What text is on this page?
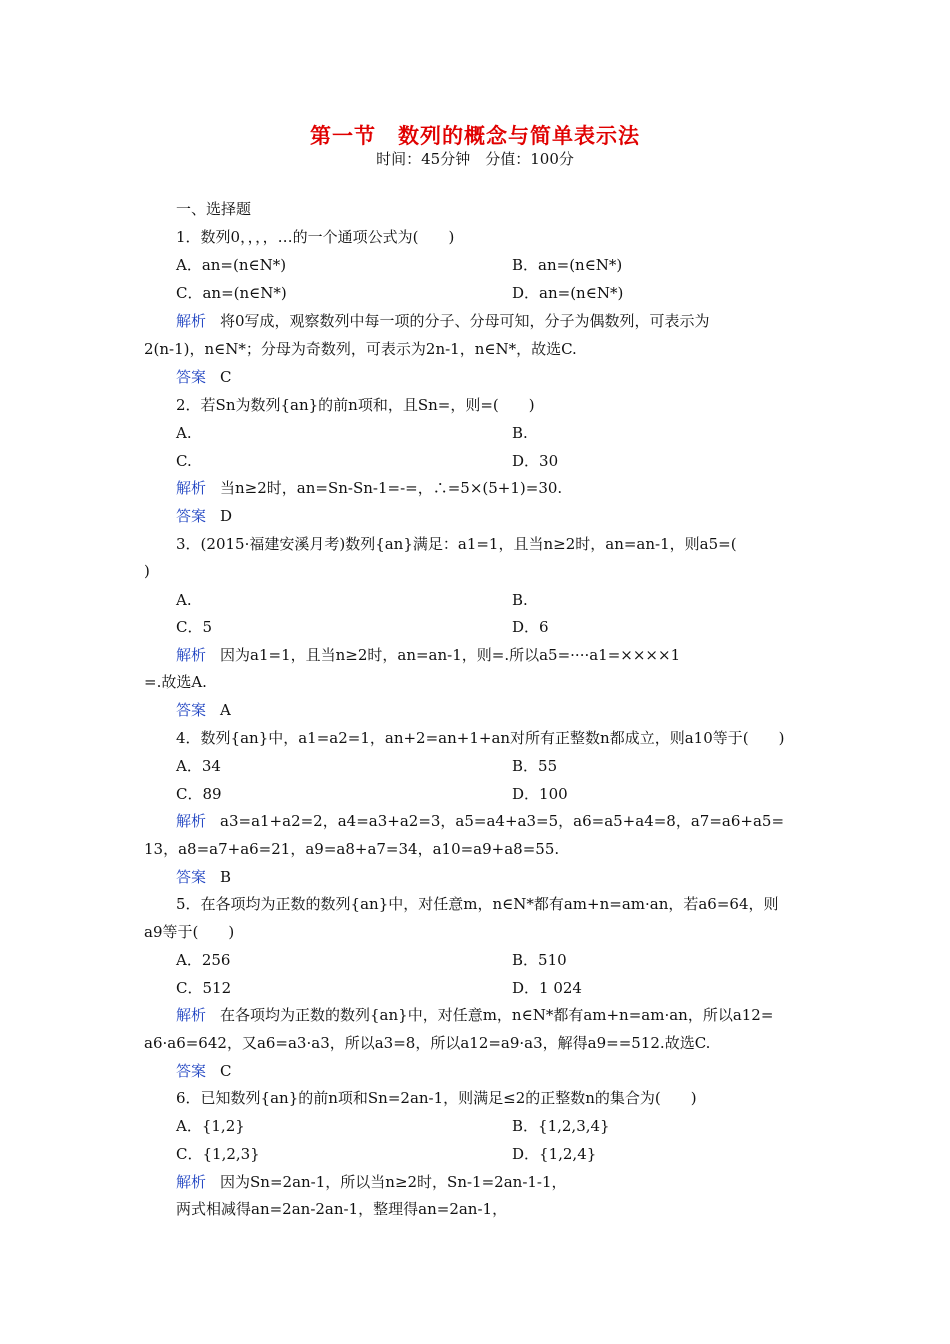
第一节　数列的概念与简单表示法
时间：45分钟　分值：100分
一、选择题
1．数列0，，，，…的一个通项公式为(　　)
A．an=(n∈N*)	B．an=(n∈N*)
C．an=(n∈N*)	D．an=(n∈N*)
解析 将0写成，观察数列中每一项的分子、分母可知，分子为偶数列，可表示为
2(n-1)，n∈N*；分母为奇数列，可表示为2n-1，n∈N*，故选C.
答案 C
2．若Sn为数列{an}的前n项和，且Sn=，则=(　　)
A.	B.
C.	D．30
解析 当n≥2时，an=Sn-Sn-1=-=，∴=5×(5+1)=30.
答案 D
3．(2015·福建安溪月考)数列{an}满足：a1=1，且当n≥2时，an=an-1，则a5=(
)
A.	B.
C．5	D．6
解析 因为a1=1，且当n≥2时，an=an-1，则=.所以a5=····a1=××××1
=.故选A.
答案 A
4．数列{an}中，a1=a2=1，an+2=an+1+an对所有正整数n都成立，则a10等于(　　)
A．34	B．55
C．89	D．100
解析 a3=a1+a2=2，a4=a3+a2=3，a5=a4+a3=5，a6=a5+a4=8，a7=a6+a5=
13，a8=a7+a6=21，a9=a8+a7=34，a10=a9+a8=55.
答案 B
5．在各项均为正数的数列{an}中，对任意m，n∈N*都有am+n=am·an，若a6=64，则
a9等于(　　)
A．256	B．510
C．512	D．1 024
解析 在各项均为正数的数列{an}中，对任意m，n∈N*都有am+n=am·an，所以a12=
a6·a6=642，又a6=a3·a3，所以a3=8，所以a12=a9·a3，解得a9==512.故选C.
答案 C
6．已知数列{an}的前n项和Sn=2an-1，则满足≤2的正整数n的集合为(　　)
A．{1,2}	B．{1,2,3,4}
C．{1,2,3}	D．{1,2,4}
解析 因为Sn=2an-1，所以当n≥2时，Sn-1=2an-1-1，
两式相减得an=2an-2an-1，整理得an=2an-1，
